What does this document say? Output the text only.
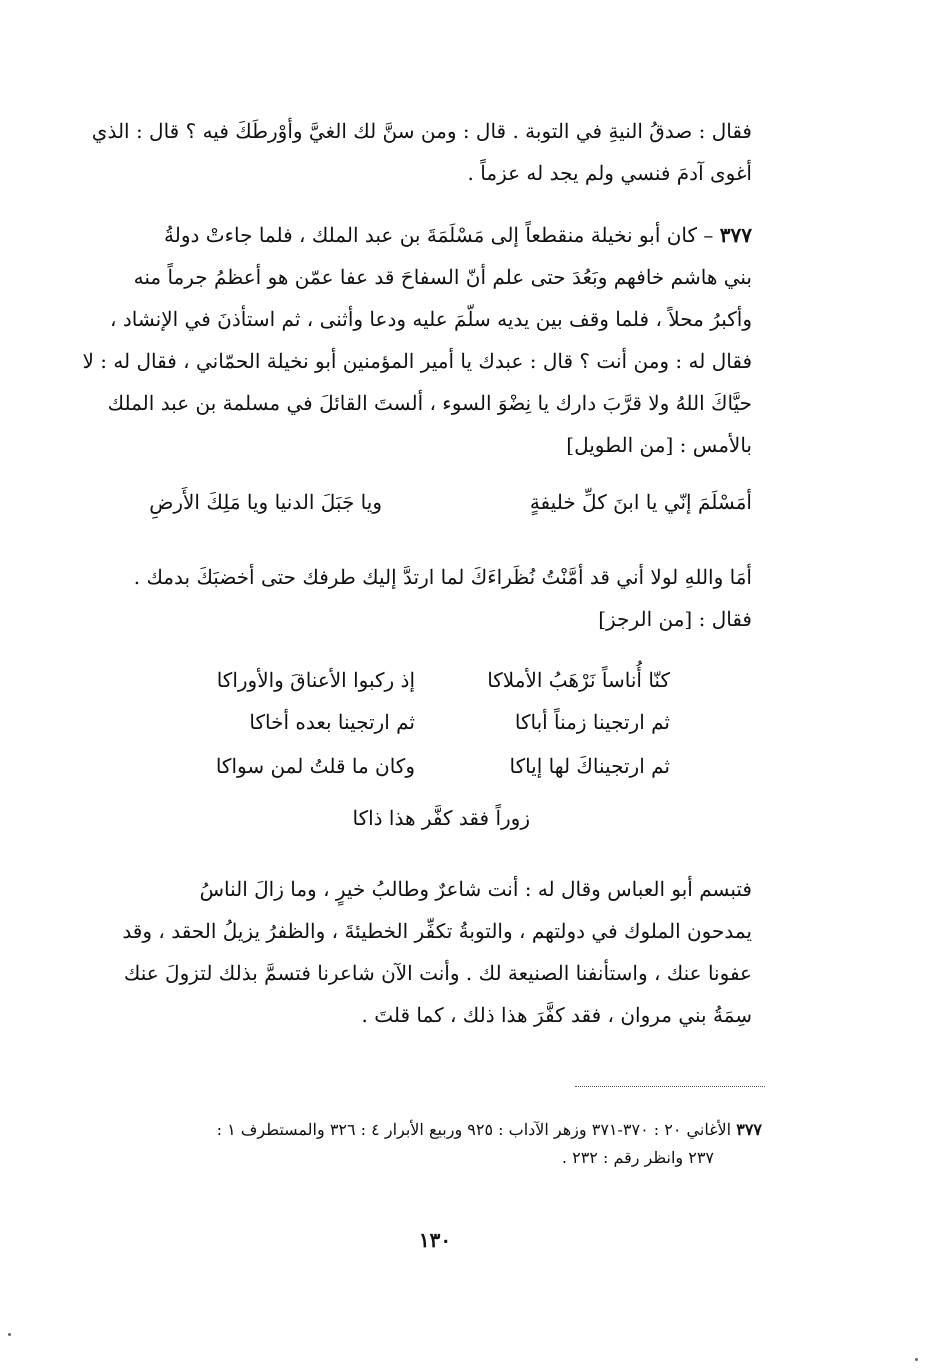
فقال : صدقُ النيةِ في التوبة . قال : ومن سنَّ لك الغيَّ وأوْرطَكَ فيه ؟ قال : الذي

أغوى آدمَ فنسي ولم يجد له عزماً .

٣٧٧ – كان أبو نخيلة منقطعاً إلى مَسْلَمَةَ بن عبد الملك ، فلما جاءتْ دولةُ

بني هاشم خافهم وبَعُدَ حتى علم أنّ السفاحَ قد عفا عمّن هو أعظمُ جرماً منه

وأكبرُ محلاً ، فلما وقف بين يديه سلّمَ عليه ودعا وأثنى ، ثم استأذنَ في الإنشاد ،

فقال له : ومن أنت ؟ قال : عبدك يا أمير المؤمنين أبو نخيلة الحمّاني ، فقال له : لا

حيَّاكَ اللهُ ولا قرَّبَ دارك يا نِضْوَ السوء ، ألستَ القائلَ في مسلمة بن عبد الملك

بالأمس : [من الطويل]

أمَسْلَمَ إنّي يا ابنَ كلِّ خليفةٍ
ويا جَبَلَ الدنيا ويا مَلِكَ الأَرضِ

أمَا واللهِ لولا أني قد أمَّنْتُ نُظَراءَكَ لما ارتدَّ إليك طرفك حتى أخضبَكَ بدمك .

فقال : [من الرجز]

كنّا أُناساً نَرْهَبُ الأملاكا
إذ ركبوا الأعناقَ والأوراكا
ثم ارتجينا زمناً أباكا
ثم ارتجينا بعده أخاكا
ثم ارتجيناكَ لها إياكا
وكان ما قلتُ لمن سواكا
زوراً فقد كفَّر هذا ذاكا

فتبسم أبو العباس وقال له : أنت شاعرٌ وطالبُ خيرٍ ، وما زالَ الناسُ

يمدحون الملوك في دولتهم ، والتوبةُ تكفِّر الخطيئةَ ، والظفرُ يزيلُ الحقد ، وقد

عفونا عنك ، واستأنفنا الصنيعة لك . وأنت الآن شاعرنا فتسمَّ بذلك لتزولَ عنك

سِمَةُ بني مروان ، فقد كفَّرَ هذا ذلك ، كما قلتَ .

٣٧٧ الأغاني ٢٠ : ٣٧٠-٣٧١ وزهر الآداب : ٩٢٥ وربيع الأبرار ٤ : ٣٢٦ والمستطرف ١ :

٢٣٧ وانظر رقم : ٢٣٢ .

١٣٠
